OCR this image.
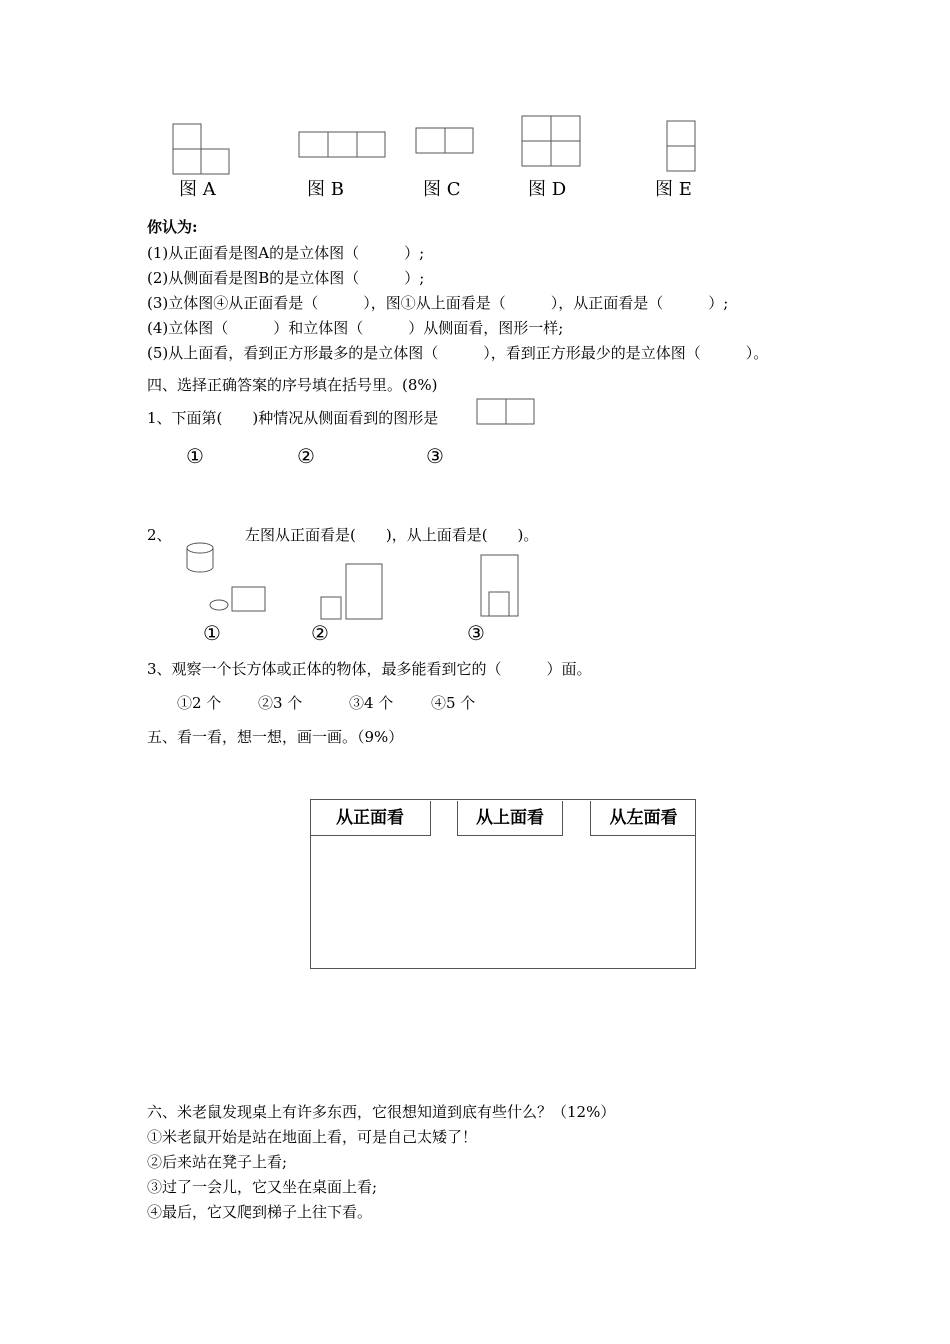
图 A	图 B	图 C	图 D	图 E
你认为:
(1)从正面看是图A的是立体图（　　　）;
(2)从侧面看是图B的是立体图（　　　）;
(3)立体图④从正面看是（　　　），图①从上面看是（　　　），从正面看是（　　　）;
(4)立体图（　　　）和立体图（　　　）从侧面看，图形一样;
(5)从上面看，看到正方形最多的是立体图（　　　），看到正方形最少的是立体图（　　　）。
四、选择正确答案的序号填在括号里。(8%)
1、下面第(　　)种情况从侧面看到的图形是
①	②	③
2、	左图从正面看是(　　)，从上面看是(　　)。
①	②	③
3、观察一个长方体或正体的物体，最多能看到它的（　　　）面。
①2 个 ②3 个	③4 个	④5 个
五、看一看，想一想，画一画。（9%）
从正面看	从上面看	从左面看
六、米老鼠发现桌上有许多东西，它很想知道到底有些什么？（12%）
①米老鼠开始是站在地面上看，可是自己太矮了！
②后来站在凳子上看;
③过了一会儿，它又坐在桌面上看;
④最后，它又爬到梯子上往下看。
